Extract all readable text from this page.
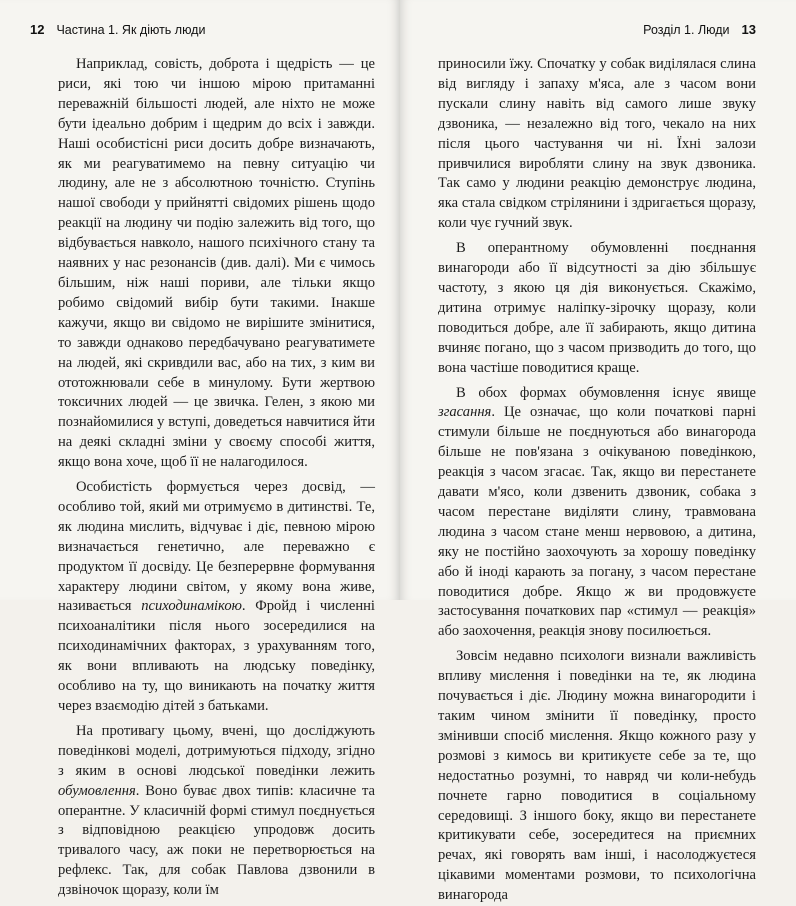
12 Частина 1. Як діють люди

Наприклад, совість, доброта і щедрість — це риси, які тою чи іншою мірою притаманні переважній більшості людей, але ніхто не може бути ідеально добрим і щедрим до всіх і завжди. Наші особистісні риси досить добре визначають, як ми реагуватимемо на певну ситуацію чи людину, але не з абсолютною точністю. Ступінь нашої свободи у прийнятті свідомих рішень щодо реакції на людину чи подію залежить від того, що відбувається навколо, нашого психічного стану та наявних у нас резонансів (див. далі). Ми є чимось більшим, ніж наші пориви, але тільки якщо робимо свідомий вибір бути такими. Інакше кажучи, якщо ви свідомо не вирішите змінитися, то завжди однаково передбачувано реагуватимете на людей, які скривдили вас, або на тих, з ким ви ототожнювали себе в минулому. Бути жертвою токсичних людей — це звичка. Гелен, з якою ми познайомилися у вступі, доведеться навчитися йти на деякі складні зміни у своєму способі життя, якщо вона хоче, щоб її не налагодилося.

Особистість формується через досвід, — особливо той, який ми отримуємо в дитинстві. Те, як людина мислить, відчуває і діє, певною мірою визначається генетично, але переважно є продуктом її досвіду. Це безперервне формування характеру людини світом, у якому вона живе, називається психодинамікою. Фройд і численні психоаналітики після нього зосередилися на психодинамічних факторах, з урахуванням того, як вони впливають на людську поведінку, особливо на ту, що виникають на початку життя через взаємодію дітей з батьками.

На противагу цьому, вчені, що досліджують поведінкові моделі, дотримуються підходу, згідно з яким в основі людської поведінки лежить обумовлення. Воно буває двох типів: класичне та оперантне. У класичній формі стимул поєднується з відповідною реакцією упродовж досить тривалого часу, аж поки не перетворюється на рефлекс. Так, для собак Павлова дзвонили в дзвіночок щоразу, коли їм

Розділ 1. Люди 13

приносили їжу. Спочатку у собак виділялася слина від вигляду і запаху м'яса, але з часом вони пускали слину навіть від самого лише звуку дзвоника, — незалежно від того, чекало на них після цього частування чи ні. Їхні залози привчилися виробляти слину на звук дзвоника. Так само у людини реакцію демонструє людина, яка стала свідком стрілянини і здригається щоразу, коли чує гучний звук.

В оперантному обумовленні поєднання винагороди або її відсутності за дію збільшує частоту, з якою ця дія виконується. Скажімо, дитина отримує наліпку-зірочку щоразу, коли поводиться добре, але її забирають, якщо дитина вчиняє погано, що з часом призводить до того, що вона частіше поводитися краще.

В обох формах обумовлення існує явище згасання. Це означає, що коли початкові парні стимули більше не поєднуються або винагорода більше не пов'язана з очікуваною поведінкою, реакція з часом згасає. Так, якщо ви перестанете давати м'ясо, коли дзвенить дзвоник, собака з часом перестане виділяти слину, травмована людина з часом стане менш нервовою, а дитина, яку не постійно заохочують за хорошу поведінку або й іноді карають за погану, з часом перестане поводитися добре. Якщо ж ви продовжуєте застосування початкових пар «стимул — реакція» або заохочення, реакція знову посилюється.

Зовсім недавно психологи визнали важливість впливу мислення і поведінки на те, як людина почувається і діє. Людину можна винагородити і таким чином змінити її поведінку, просто змінивши спосіб мислення. Якщо кожного разу у розмові з кимось ви критикуєте себе за те, що недостатньо розумні, то навряд чи коли-небудь почнете гарно поводитися в соціальному середовищі. З іншого боку, якщо ви перестанете критикувати себе, зосередитеся на приємних речах, які говорять вам інші, і насолоджуєтеся цікавими моментами розмови, то психологічна винагорода
